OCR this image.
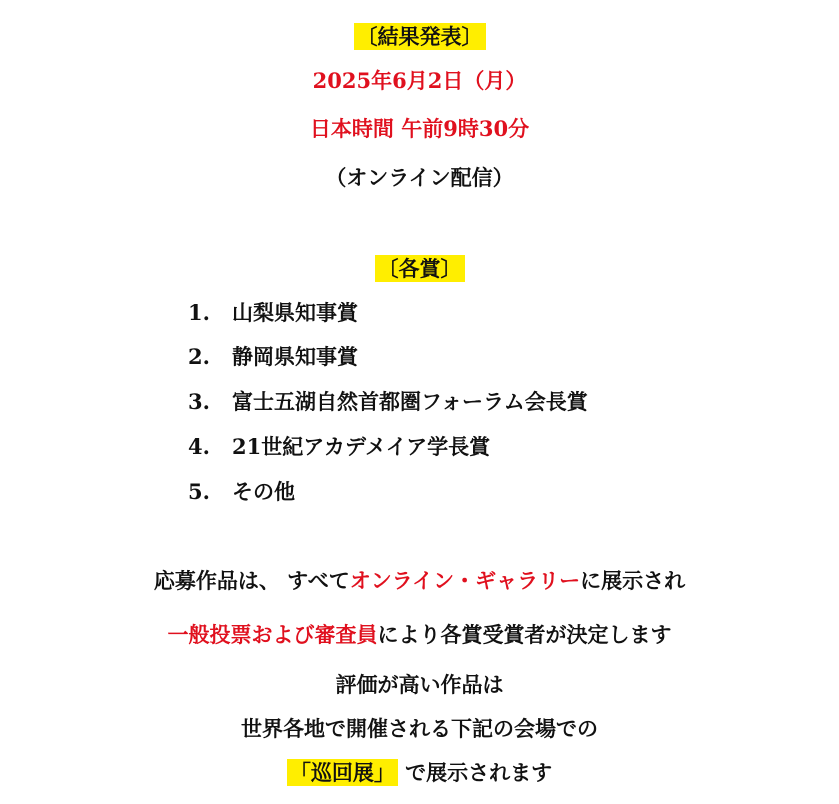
〔結果発表〕
2025年6月2日（月）
日本時間 午前9時30分
（オンライン配信）
〔各賞〕
1. 山梨県知事賞
2. 静岡県知事賞
3. 富士五湖自然首都圏フォーラム会長賞
4. 21世紀アカデメイア学長賞
5. その他
応募作品は、 すべてオンライン・ギャラリーに展示され
一般投票および審査員により各賞受賞者が決定します
評価が高い作品は
世界各地で開催される下記の会場での
「巡回展」 で展示されます
